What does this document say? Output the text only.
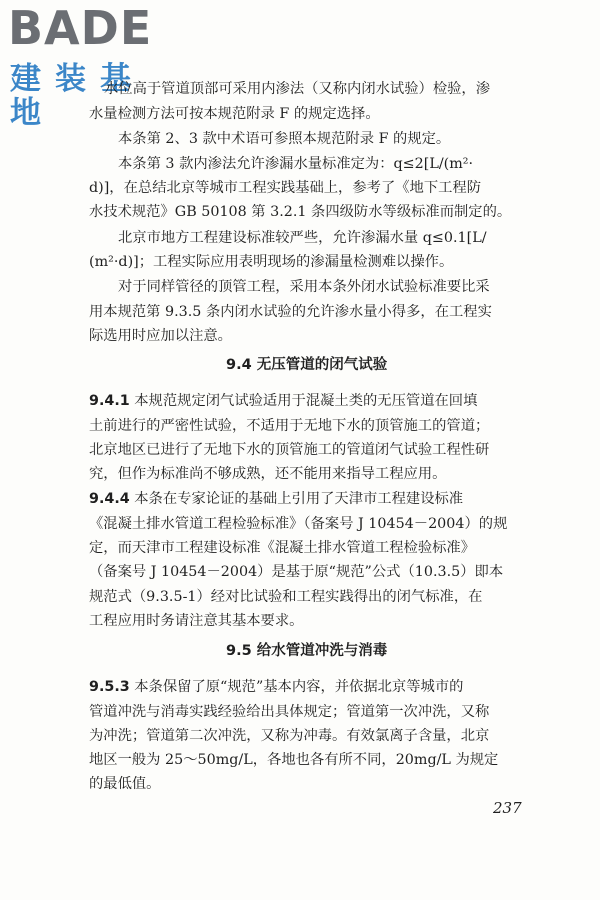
BADE
建装基地
水位高于管道顶部可采用内渗法（又称内闭水试验）检验，渗
水量检测方法可按本规范附录 F 的规定选择。
本条第 2、3 款中术语可参照本规范附录 F 的规定。
本条第 3 款内渗法允许渗漏水量标准定为：q≤2[L/(m²·
d)]，在总结北京等城市工程实践基础上，参考了《地下工程防
水技术规范》GB 50108 第 3.2.1 条四级防水等级标准而制定的。
北京市地方工程建设标准较严些，允许渗漏水量 q≤0.1[L/
(m²·d)]；工程实际应用表明现场的渗漏量检测难以操作。
对于同样管径的顶管工程，采用本条外闭水试验标准要比采
用本规范第 9.3.5 条内闭水试验的允许渗水量小得多，在工程实
际选用时应加以注意。
9.4 无压管道的闭气试验
9.4.1 本规范规定闭气试验适用于混凝土类的无压管道在回填
土前进行的严密性试验，不适用于无地下水的顶管施工的管道；
北京地区已进行了无地下水的顶管施工的管道闭气试验工程性研
究，但作为标准尚不够成熟，还不能用来指导工程应用。
9.4.4 本条在专家论证的基础上引用了天津市工程建设标准
《混凝土排水管道工程检验标准》（备案号 J 10454－2004）的规
定，而天津市工程建设标准《混凝土排水管道工程检验标准》
（备案号 J 10454－2004）是基于原“规范”公式（10.3.5）即本
规范式（9.3.5-1）经对比试验和工程实践得出的闭气标准，在
工程应用时务请注意其基本要求。
9.5 给水管道冲洗与消毒
9.5.3 本条保留了原“规范”基本内容，并依据北京等城市的
管道冲洗与消毒实践经验给出具体规定；管道第一次冲洗，又称
为冲洗；管道第二次冲洗，又称为冲毒。有效氯离子含量，北京
地区一般为 25～50mg/L，各地也各有所不同，20mg/L 为规定
的最低值。
237
